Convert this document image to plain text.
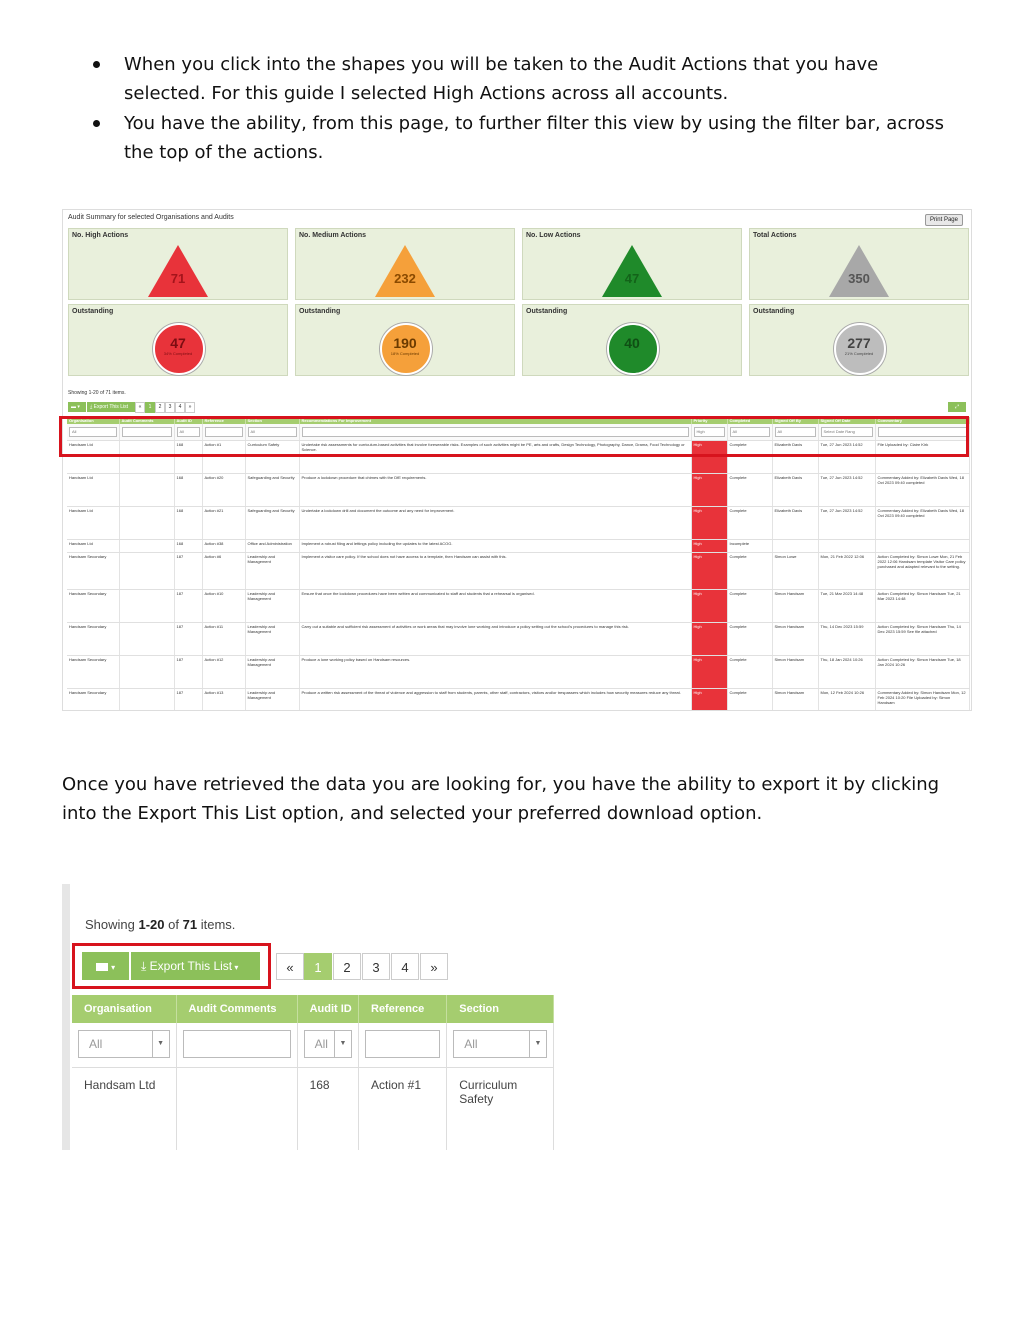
When you click into the shapes you will be taken to the Audit Actions that you have selected. For this guide I selected High Actions across all accounts.
You have the ability, from this page, to further filter this view by using the filter bar, across the top of the actions.
Audit Summary for selected Organisations and Audits	Print Page
No. High Actions
71
No. Medium Actions
232
No. Low Actions
47
Total Actions
350
Outstanding
47
34% Completed
Outstanding
190
18% Completed
Outstanding
40
Outstanding
277
21% Completed
Showing 1-20 of 71 items.
▬ ▾	⤓ Export This List	«	1	2	3	4	»	⤢
Organisation	Audit Comments	Audit ID	Reference	Section	Recommendations For Improvement	Priority	Completed	Signed Off By	Signed Off Date	Commentary

All		All		All		High	All	All	Select Date Rang	

Handsam Ltd		168	Action #1	Curriculum Safety	Undertake risk assessments for curriculum-based activities that involve foreseeable risks. Examples of such activities might be PE, arts and crafts, Design Technology, Photography, Dance, Drama, Food Technology or Science.	High	Complete	Elizabeth Davis	Tue, 27 Jun 2023 14:52	File Uploaded by: Claire Kirk
Handsam Ltd		168	Action #20	Safeguarding and Security	Produce a lockdown procedure that chimes with the DfE requirements.	High	Complete	Elizabeth Davis	Tue, 27 Jun 2023 14:52	Commentary Added by: Elizabeth Davis Wed, 18 Oct 2023 09:40 completed
Handsam Ltd		168	Action #21	Safeguarding and Security	Undertake a lockdown drill and document the outcome and any need for improvement.	High	Complete	Elizabeth Davis	Tue, 27 Jun 2023 14:52	Commentary Added by: Elizabeth Davis Wed, 18 Oct 2023 09:40 completed
Handsam Ltd		168	Action #38	Office and Administration	Implement a robust filing and lettings policy including the updates to the latest ACOG.	High	Incomplete			
Handsam Secondary		187	Action #6	Leadership and Management	Implement a visitor care policy. If the school does not have access to a template, then Handsam can assist with this.	High	Complete	Simon Lowe	Mon, 21 Feb 2022 12:06	Action Completed by: Simon Lowe Mon, 21 Feb 2022 12:06 Handsam template Visitor Care policy purchased and adapted relevant to the setting.
Handsam Secondary		187	Action #10	Leadership and Management	Ensure that once the lockdown procedures have been written and communicated to staff and students that a rehearsal is organised.	High	Complete	Simon Handsam	Tue, 21 Mar 2023 14:48	Action Completed by: Simon Handsam Tue, 21 Mar 2023 14:48
Handsam Secondary		187	Action #11	Leadership and Management	Carry out a suitable and sufficient risk assessment of activities or work areas that may involve lone working and introduce a policy setting out the school's procedures to manage this risk.	High	Complete	Simon Handsam	Thu, 14 Dec 2023 15:59	Action Completed by: Simon Handsam Thu, 14 Dec 2023 15:59 See file attached
Handsam Secondary		187	Action #12	Leadership and Management	Produce a lone working policy based on Handsam resources.	High	Complete	Simon Handsam	Thu, 18 Jan 2024 10:26	Action Completed by: Simon Handsam Tue, 18 Jan 2024 10:26
Handsam Secondary		187	Action #13	Leadership and Management	Produce a written risk assessment of the threat of violence and aggression to staff from students, parents, other staff, contractors, visitors and/or trespassers which includes how security measures reduce any threat.	High	Complete	Simon Handsam	Mon, 12 Feb 2024 10:26	Commentary Added by: Simon Handsam Mon, 12 Feb 2024 10:20 File Uploaded by: Simon Handsam

Once you have retrieved the data you are looking for, you have the ability to export it by clicking into the Export This List option, and selected your preferred download option.

Showing 1-20 of 71 items.
▾	⤓ Export This List ▾	«	1	2	3	4	»
Organisation	Audit Comments	Audit ID	Reference	Section

All ▼		All ▼		All ▼

Handsam Ltd		168	Action #1	Curriculum Safety
